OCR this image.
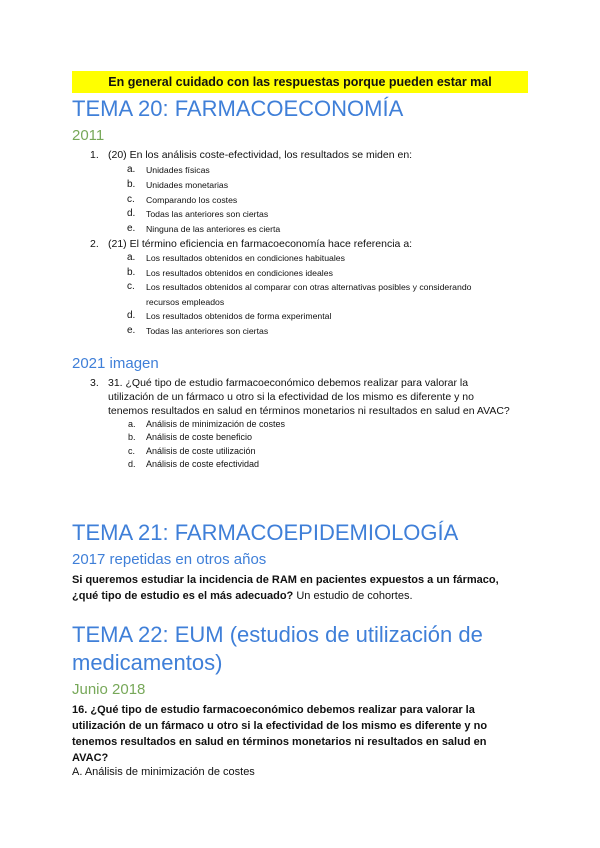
En general cuidado con las respuestas porque pueden estar mal
TEMA 20: FARMACOECONOMÍA
2011
1. (20) En los análisis coste-efectividad, los resultados se miden en:
a. Unidades físicas
b. Unidades monetarias
c. Comparando los costes
d. Todas las anteriores son ciertas
e. Ninguna de las anteriores es cierta
2. (21) El término eficiencia en farmacoeconomía hace referencia a:
a. Los resultados obtenidos en condiciones habituales
b. Los resultados obtenidos en condiciones ideales
c. Los resultados obtenidos al comparar con otras alternativas posibles y considerando
recursos empleados
d. Los resultados obtenidos de forma experimental
e. Todas las anteriores son ciertas
2021 imagen
3. 31. ¿Qué tipo de estudio farmacoeconómico debemos realizar para valorar la
utilización de un fármaco u otro si la efectividad de los mismo es diferente y no
tenemos resultados en salud en términos monetarios ni resultados en salud en AVAC?
a. Análisis de minimización de costes
b. Análisis de coste beneficio
c. Análisis de coste utilización
d. Análisis de coste efectividad
TEMA 21: FARMACOEPIDEMIOLOGÍA
2017 repetidas en otros años
Si queremos estudiar la incidencia de RAM en pacientes expuestos a un fármaco,
¿qué tipo de estudio es el más adecuado? Un estudio de cohortes.
TEMA 22: EUM (estudios de utilización de
medicamentos)
Junio 2018
16. ¿Qué tipo de estudio farmacoeconómico debemos realizar para valorar la
utilización de un fármaco u otro si la efectividad de los mismo es diferente y no
tenemos resultados en salud en términos monetarios ni resultados en salud en
AVAC?
A. Análisis de minimización de costes
